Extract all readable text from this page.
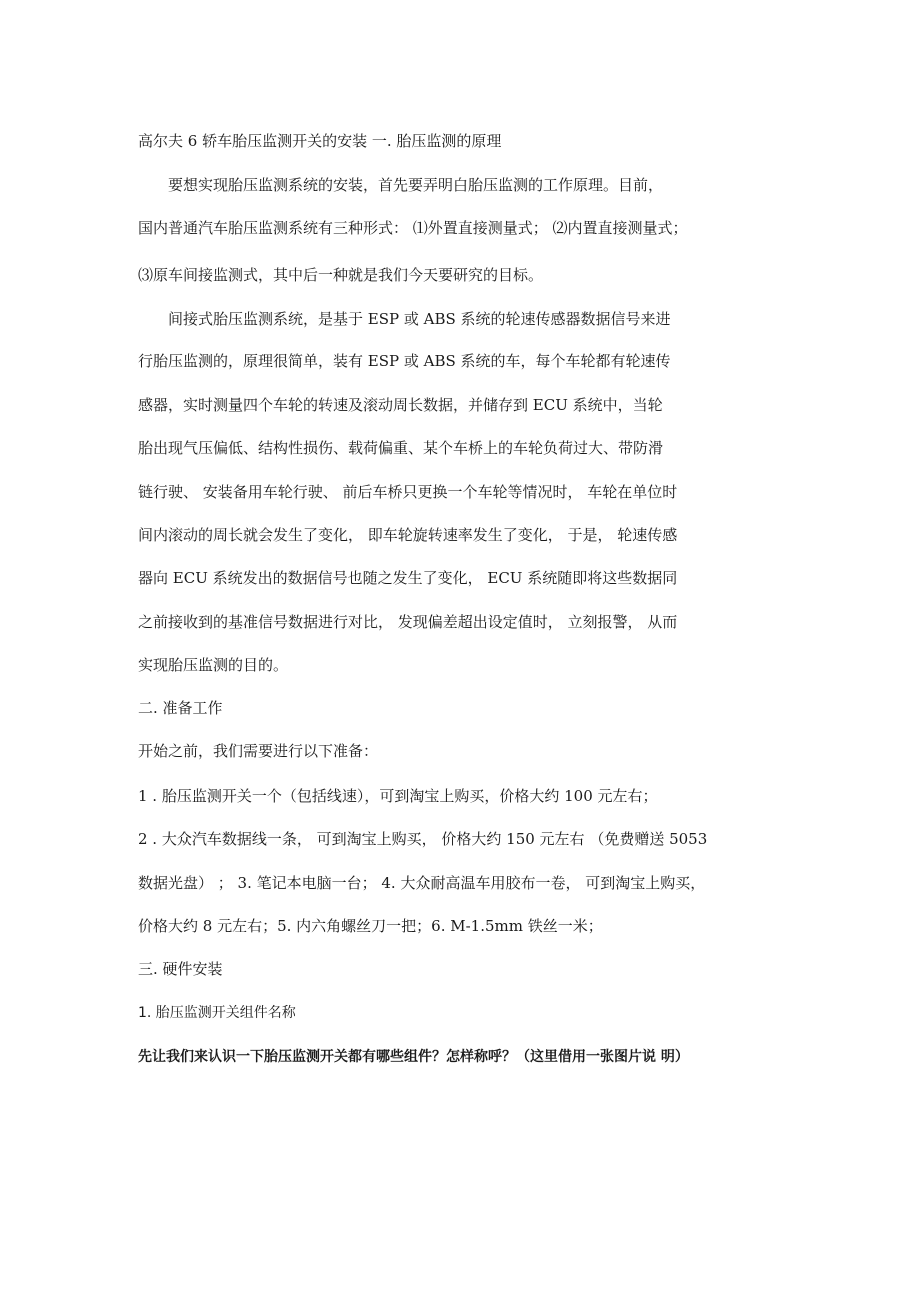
高尔夫 6 轿车胎压监测开关的安装 一. 胎压监测的原理
要想实现胎压监测系统的安装，首先要弄明白胎压监测的工作原理。目前，
国内普通汽车胎压监测系统有三种形式： ⑴外置直接测量式； ⑵内置直接测量式；
⑶原车间接监测式，其中后一种就是我们今天要研究的目标。
间接式胎压监测系统，是基于 ESP 或 ABS 系统的轮速传感器数据信号来进
行胎压监测的，原理很简单，装有 ESP 或 ABS 系统的车，每个车轮都有轮速传
感器，实时测量四个车轮的转速及滚动周长数据，并储存到 ECU 系统中，当轮
胎出现气压偏低、结构性损伤、载荷偏重、某个车桥上的车轮负荷过大、带防滑
链行驶、 安装备用车轮行驶、 前后车桥只更换一个车轮等情况时， 车轮在单位时
间内滚动的周长就会发生了变化， 即车轮旋转速率发生了变化， 于是， 轮速传感
器向 ECU 系统发出的数据信号也随之发生了变化， ECU 系统随即将这些数据同
之前接收到的基准信号数据进行对比， 发现偏差超出设定值时， 立刻报警， 从而
实现胎压监测的目的。
二. 准备工作
开始之前，我们需要进行以下准备：
1 . 胎压监测开关一个（包括线速），可到淘宝上购买，价格大约 100 元左右；
2 . 大众汽车数据线一条， 可到淘宝上购买， 价格大约 150 元左右 （免费赠送 5053
数据光盘） ； 3. 笔记本电脑一台； 4. 大众耐高温车用胶布一卷， 可到淘宝上购买，
价格大约 8 元左右；5. 内六角螺丝刀一把；6. M-1.5mm 铁丝一米；
三. 硬件安装
1. 胎压监测开关组件名称
先让我们来认识一下胎压监测开关都有哪些组件？怎样称呼？（这里借用一张图片说 明）
